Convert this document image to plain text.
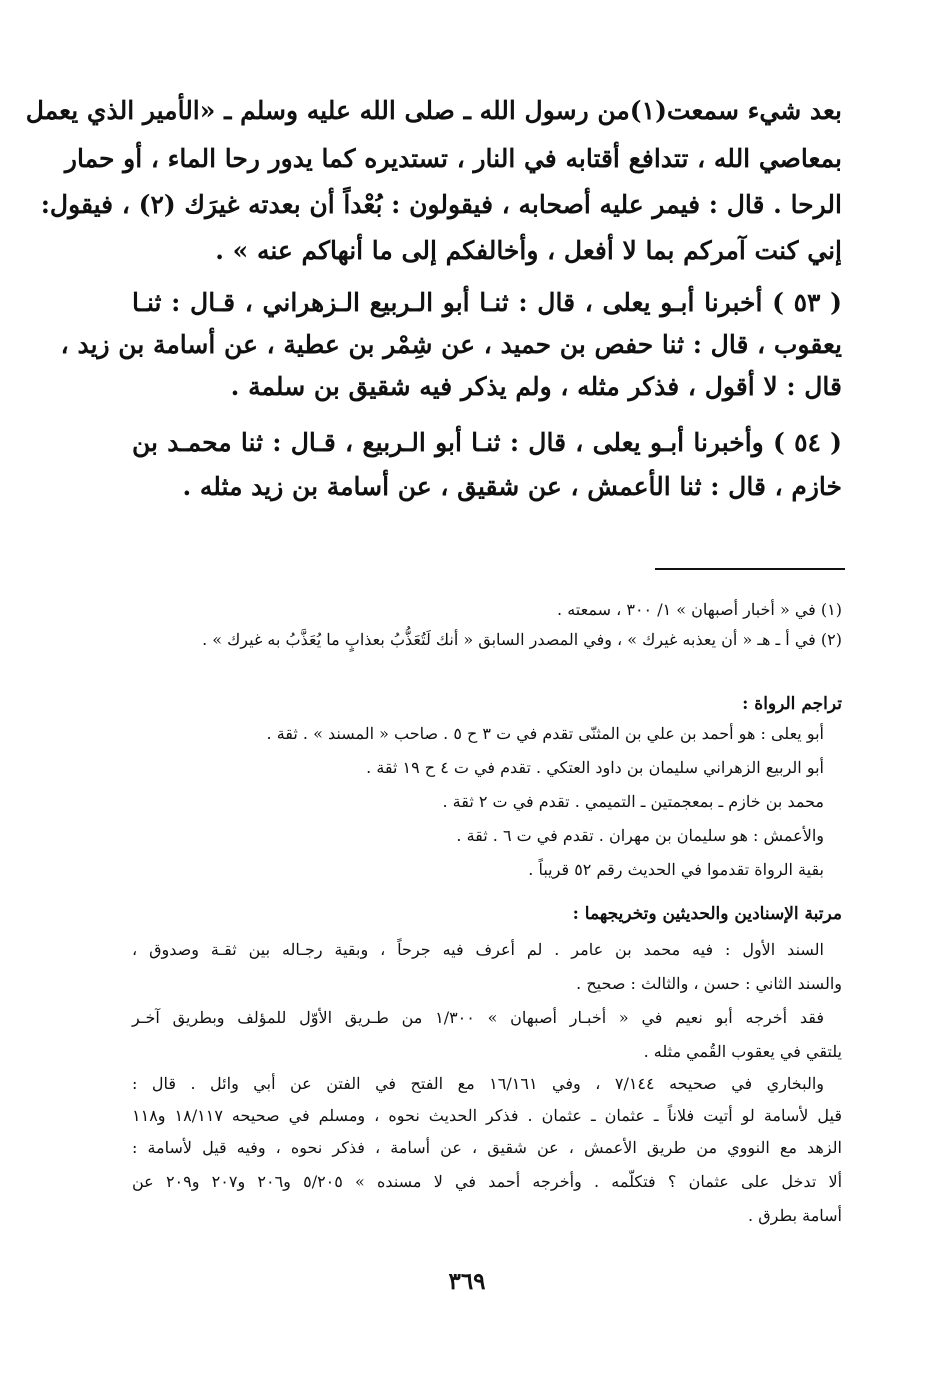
بعد شيء سمعت(١)من رسول الله ـ صلى الله عليه وسلم ـ «الأمير الذي يعمل
بمعاصي الله ، تتدافع أقتابه في النار ، تستديره كما يدور رحا الماء ، أو حمار
الرحا . قال : فيمر عليه أصحابه ، فيقولون : بُعْداً أن بعدته غيرَك (٢) ، فيقول:
إني كنت آمركم بما لا أفعل ، وأخالفكم إلى ما أنهاكم عنه » .
( ٥٣ ) أخبرنا أبـو يعلى ، قال : ثنـا أبو الـربيع الـزهراني ، قـال : ثنـا
يعقوب ، قال : ثنا حفص بن حميد ، عن شِمْر بن عطية ، عن أسامة بن زيد ،
قال : لا أقول ، فذكر مثله ، ولم يذكر فيه شقيق بن سلمة .
( ٥٤ ) وأخبرنا أبـو يعلى ، قال : ثنـا أبو الـربيع ، قـال : ثنا محمـد بن
خازم ، قال : ثنا الأعمش ، عن شقيق ، عن أسامة بن زيد مثله .
(١) في « أخبار أصبهان » ١/ ٣٠٠ ، سمعته .
(٢) في أ ـ هـ « أن يعذبه غيرك » ، وفي المصدر السابق « أنك لَتُعَذُّبُ بعذابٍ ما يُعَذَّبُ به غيرك » .
تراجم الرواة :
أبو يعلى : هو أحمد بن علي بن المثنّى تقدم في ت ٣ ح ٥ . صاحب « المسند » . ثقة .
أبو الربيع الزهراني سليمان بن داود العتكي . تقدم في ت ٤ ح ١٩ ثقة .
محمد بن خازم ـ بمعجمتين ـ التميمي . تقدم في ت ٢ ثقة .
والأعمش : هو سليمان بن مهران . تقدم في ت ٦ . ثقة .
بقية الرواة تقدموا في الحديث رقم ٥٢ قريباً .
مرتبة الإسنادين والحديثين وتخريجهما :
السند الأول : فيه محمد بن عامر . لم أعرف فيه جرحاً ، وبقية رجـاله بين ثقـة وصدوق ،
والسند الثاني : حسن ، والثالث : صحيح .
فقد أخرجه أبو نعيم في « أخبـار أصبهان » ١/٣٠٠ من طـريق الأوّل للمؤلف وبطريق آخـر
يلتقي في يعقوب القُمي مثله .
والبخاري في صحيحه ٧/١٤٤ ، وفي ١٦/١٦١ مع الفتح في الفتن عن أبي وائل . قال :
قيل لأسامة لو أتيت فلاناً ـ عثمان ـ عثمان . فذكر الحديث نحوه ، ومسلم في صحيحه ١٨/١١٧ و١١٨
الزهد مع النووي من طريق الأعمش ، عن شقيق ، عن أسامة ، فذكر نحوه ، وفيه قيل لأسامة :
ألا تدخل على عثمان ؟ فتكلّمه . وأخرجه أحمد في لا مسنده » ٥/٢٠٥ و٢٠٦ و٢٠٧ و٢٠٩ عن
أسامة بطرق .
٣٦٩
